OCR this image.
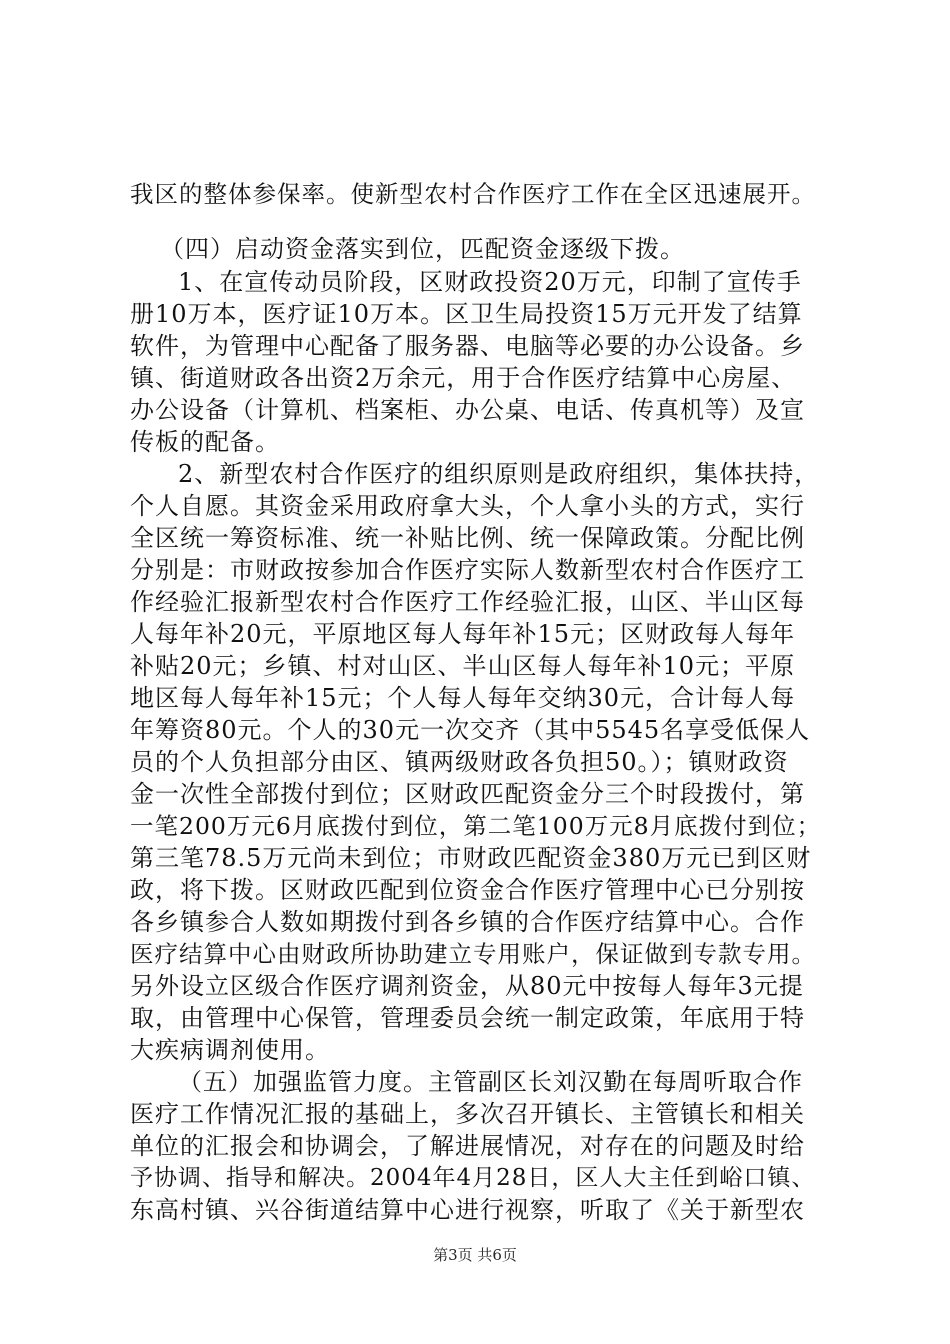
我区的整体参保率。使新型农村合作医疗工作在全区迅速展开。
（四）启动资金落实到位，匹配资金逐级下拨。
1、在宣传动员阶段，区财政投资20万元，印制了宣传手
册10万本，医疗证10万本。区卫生局投资15万元开发了结算
软件，为管理中心配备了服务器、电脑等必要的办公设备。乡
镇、街道财政各出资2万余元，用于合作医疗结算中心房屋、
办公设备（计算机、档案柜、办公桌、电话、传真机等）及宣
传板的配备。
2、新型农村合作医疗的组织原则是政府组织，集体扶持，
个人自愿。其资金采用政府拿大头，个人拿小头的方式，实行
全区统一筹资标准、统一补贴比例、统一保障政策。分配比例
分别是：市财政按参加合作医疗实际人数新型农村合作医疗工
作经验汇报新型农村合作医疗工作经验汇报，山区、半山区每
人每年补20元，平原地区每人每年补15元；区财政每人每年
补贴20元；乡镇、村对山区、半山区每人每年补10元；平原
地区每人每年补15元；个人每人每年交纳30元，合计每人每
年筹资80元。个人的30元一次交齐（其中5545名享受低保人
员的个人负担部分由区、镇两级财政各负担50。）；镇财政资
金一次性全部拨付到位；区财政匹配资金分三个时段拨付，第
一笔200万元6月底拨付到位，第二笔100万元8月底拨付到位；
第三笔78.5万元尚未到位；市财政匹配资金380万元已到区财
政，将下拨。区财政匹配到位资金合作医疗管理中心已分别按
各乡镇参合人数如期拨付到各乡镇的合作医疗结算中心。合作
医疗结算中心由财政所协助建立专用账户，保证做到专款专用。
另外设立区级合作医疗调剂资金，从80元中按每人每年3元提
取，由管理中心保管，管理委员会统一制定政策，年底用于特
大疾病调剂使用。
（五）加强监管力度。主管副区长刘汉勤在每周听取合作
医疗工作情况汇报的基础上，多次召开镇长、主管镇长和相关
单位的汇报会和协调会，了解进展情况，对存在的问题及时给
予协调、指导和解决。2004年4月28日，区人大主任到峪口镇、
东高村镇、兴谷街道结算中心进行视察，听取了《关于新型农
第3页 共6页
